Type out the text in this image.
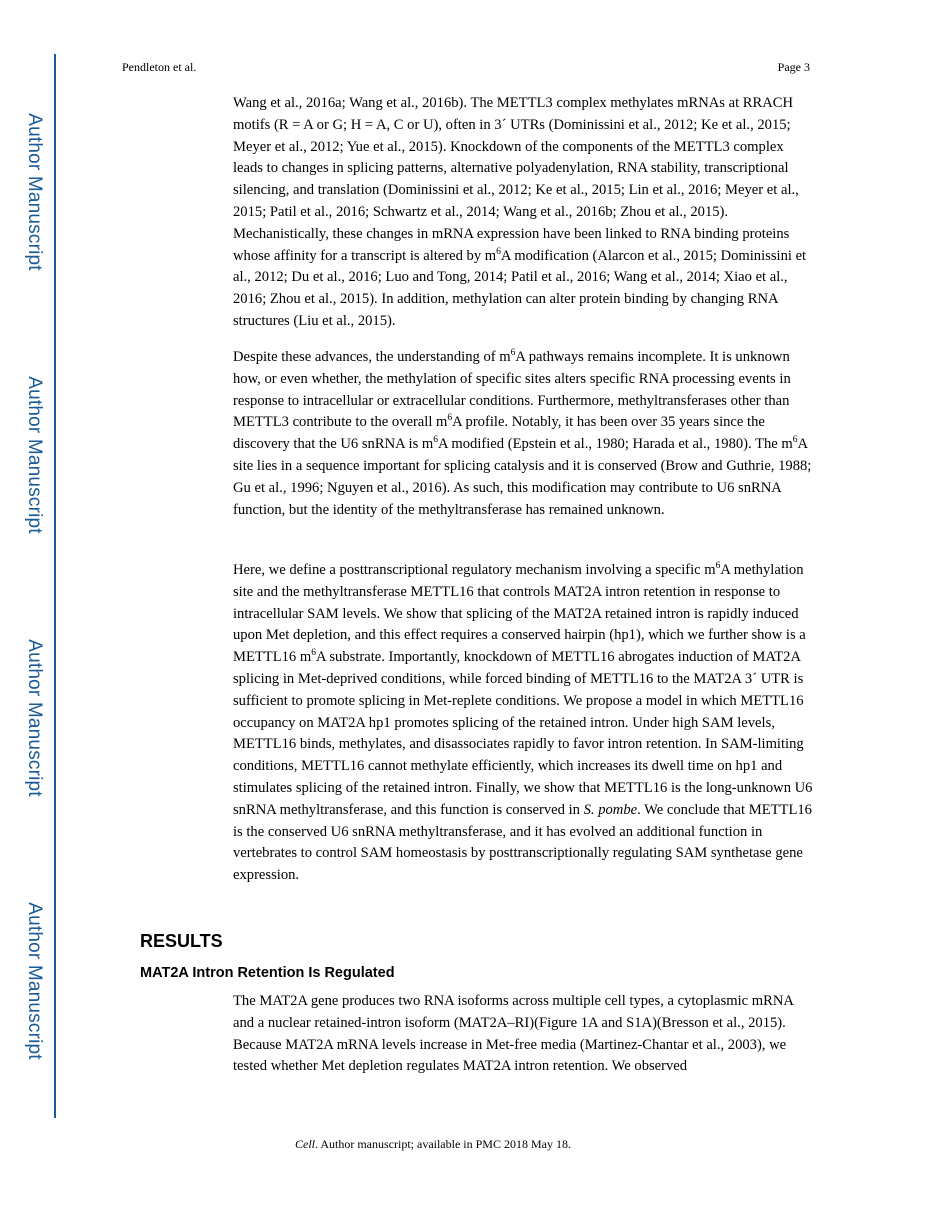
Author Manuscript
Author Manuscript
Author Manuscript
Author Manuscript
Pendleton et al.	Page 3

Wang et al., 2016a; Wang et al., 2016b). The METTL3 complex methylates mRNAs at RRACH motifs (R = A or G; H = A, C or U), often in 3´ UTRs (Dominissini et al., 2012; Ke et al., 2015; Meyer et al., 2012; Yue et al., 2015). Knockdown of the components of the METTL3 complex leads to changes in splicing patterns, alternative polyadenylation, RNA stability, transcriptional silencing, and translation (Dominissini et al., 2012; Ke et al., 2015; Lin et al., 2016; Meyer et al., 2015; Patil et al., 2016; Schwartz et al., 2014; Wang et al., 2016b; Zhou et al., 2015). Mechanistically, these changes in mRNA expression have been linked to RNA binding proteins whose affinity for a transcript is altered by $m^6A$ modification (Alarcon et al., 2015; Dominissini et al., 2012; Du et al., 2016; Luo and Tong, 2014; Patil et al., 2016; Wang et al., 2014; Xiao et al., 2016; Zhou et al., 2015). In addition, methylation can alter protein binding by changing RNA structures (Liu et al., 2015).

Despite these advances, the understanding of $m^6A$ pathways remains incomplete. It is unknown how, or even whether, the methylation of specific sites alters specific RNA processing events in response to intracellular or extracellular conditions. Furthermore, methyltransferases other than METTL3 contribute to the overall $m^6A$ profile. Notably, it has been over 35 years since the discovery that the U6 snRNA is $m^6A$ modified (Epstein et al., 1980; Harada et al., 1980). The $m^6A$ site lies in a sequence important for splicing catalysis and it is conserved (Brow and Guthrie, 1988; Gu et al., 1996; Nguyen et al., 2016). As such, this modification may contribute to U6 snRNA function, but the identity of the methyltransferase has remained unknown.

Here, we define a posttranscriptional regulatory mechanism involving a specific $m^6A$ methylation site and the methyltransferase METTL16 that controls MAT2A intron retention in response to intracellular SAM levels. We show that splicing of the MAT2A retained intron is rapidly induced upon Met depletion, and this effect requires a conserved hairpin (hp1), which we further show is a METTL16 $m^6A$ substrate. Importantly, knockdown of METTL16 abrogates induction of MAT2A splicing in Met-deprived conditions, while forced binding of METTL16 to the MAT2A 3´ UTR is sufficient to promote splicing in Met-replete conditions. We propose a model in which METTL16 occupancy on MAT2A hp1 promotes splicing of the retained intron. Under high SAM levels, METTL16 binds, methylates, and disassociates rapidly to favor intron retention. In SAM-limiting conditions, METTL16 cannot methylate efficiently, which increases its dwell time on hp1 and stimulates splicing of the retained intron. Finally, we show that METTL16 is the long-unknown U6 snRNA methyltransferase, and this function is conserved in S. pombe. We conclude that METTL16 is the conserved U6 snRNA methyltransferase, and it has evolved an additional function in vertebrates to control SAM homeostasis by posttranscriptionally regulating SAM synthetase gene expression.

RESULTS
MAT2A Intron Retention Is Regulated

The MAT2A gene produces two RNA isoforms across multiple cell types, a cytoplasmic mRNA and a nuclear retained-intron isoform (MAT2A–RI)(Figure 1A and S1A)(Bresson et al., 2015). Because MAT2A mRNA levels increase in Met-free media (Martinez-Chantar et al., 2003), we tested whether Met depletion regulates MAT2A intron retention. We observed

Cell. Author manuscript; available in PMC 2018 May 18.
